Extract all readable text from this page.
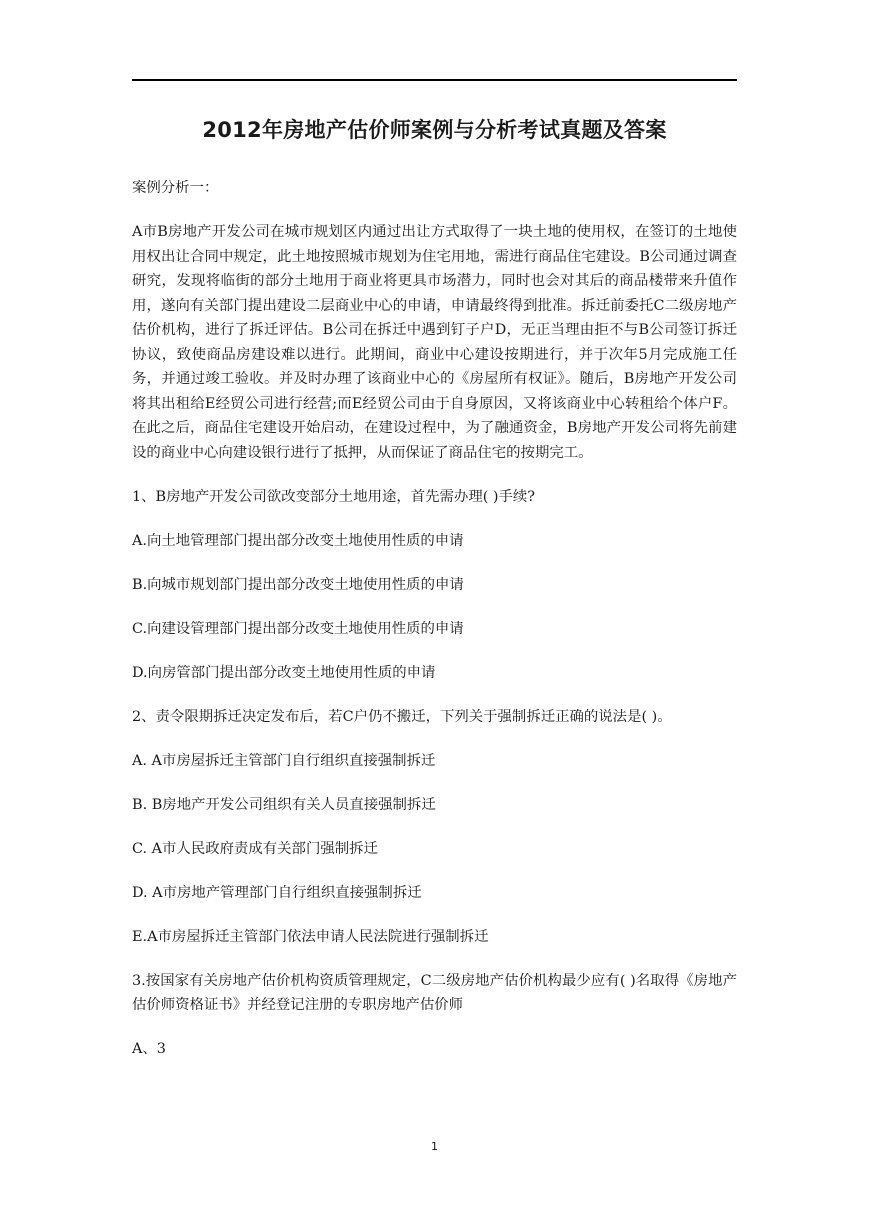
2012年房地产估价师案例与分析考试真题及答案

案例分析一：

A市B房地产开发公司在城市规划区内通过出让方式取得了一块土地的使用权，在签订的土地使用权出让合同中规定，此土地按照城市规划为住宅用地，需进行商品住宅建设。B公司通过调查研究，发现将临街的部分土地用于商业将更具市场潜力，同时也会对其后的商品楼带来升值作用，遂向有关部门提出建设二层商业中心的申请，申请最终得到批准。拆迁前委托C二级房地产估价机构，进行了拆迁评估。B公司在拆迁中遇到钉子户D，无正当理由拒不与B公司签订拆迁协议，致使商品房建设难以进行。此期间，商业中心建设按期进行，并于次年5月完成施工任务，并通过竣工验收。并及时办理了该商业中心的《房屋所有权证》。随后，B房地产开发公司将其出租给E经贸公司进行经营;而E经贸公司由于自身原因，又将该商业中心转租给个体户F。在此之后，商品住宅建设开始启动，在建设过程中，为了融通资金，B房地产开发公司将先前建设的商业中心向建设银行进行了抵押，从而保证了商品住宅的按期完工。

1、B房地产开发公司欲改变部分土地用途，首先需办理( )手续?

A.向土地管理部门提出部分改变土地使用性质的申请

B.向城市规划部门提出部分改变土地使用性质的申请

C.向建设管理部门提出部分改变土地使用性质的申请

D.向房管部门提出部分改变土地使用性质的申请

2、责令限期拆迁决定发布后，若C户仍不搬迁，下列关于强制拆迁正确的说法是( )。

A. A市房屋拆迁主管部门自行组织直接强制拆迁

B. B房地产开发公司组织有关人员直接强制拆迁

C. A市人民政府责成有关部门强制拆迁

D. A市房地产管理部门自行组织直接强制拆迁

E.A市房屋拆迁主管部门依法申请人民法院进行强制拆迁

3.按国家有关房地产估价机构资质管理规定，C二级房地产估价机构最少应有( )名取得《房地产估价师资格证书》并经登记注册的专职房地产估价师

A、3

1
